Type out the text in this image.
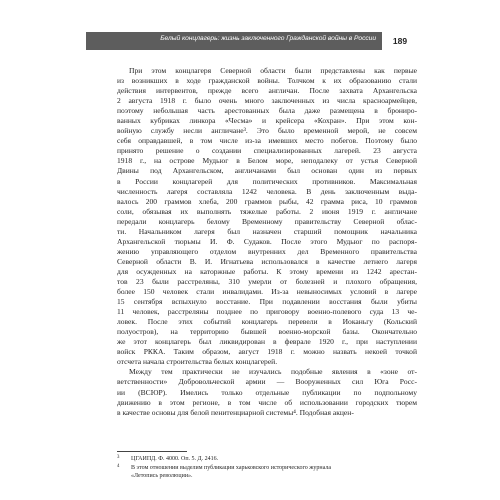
Белый концлагерь: жизнь заключенного Гражданской войны в России	189
При этом концлагеря Северной области были представлены как первые
из возникших в ходе гражданской войны. Толчком к их образованию стали
действия интервентов, прежде всего англичан. После захвата Архангельска
2 августа 1918 г. было очень много заключенных из числа красноармейцев,
поэтому небольшая часть арестованных была даже размещена в бронирo-
ванных кубриках линкора «Чесма» и крейсера «Кохран». При этом кон-
войную службу несли англичане³. Это было временной мерой, не совсем
себя оправдавшей, в том числе из-за имевших место побегов. Поэтому было
принято решение о создании специализированных лагерей. 23 августа
1918 г., на острове Мудьюг в Белом море, неподалеку от устья Северной
Двины под Архангельском, англичанами был основан один из первых
в России концлагерей для политических противников. Максимальная
численность лагеря составляла 1242 человека. В день заключенным выда-
валось 200 граммов хлеба, 200 граммов рыбы, 42 грамма риса, 10 граммов
соли, обязывая их выполнять тяжелые работы. 2 июня 1919 г. англичане
передали концлагерь белому Временному правительству Северной облас-
ти. Начальником лагеря был назначен старший помощник начальника
Архангельской тюрьмы И. Ф. Судаков. После этого Мудьюг по распоря-
жению управляющего отделом внутренних дел Временного правительства
Северной области В. И. Игнатьева использовался в качестве летнего лагеря
для осужденных на каторжные работы. К этому времени из 1242 арестан-
тов 23 были расстреляны, 310 умерли от болезней и плохого обращения,
более 150 человек стали инвалидами. Из-за невыносимых условий в лагере
15 сентября вспыхнуло восстание. При подавлении восстания были убиты
11 человек, расстреляны позднее по приговору военно-полевого суда 13 че-
ловек. После этих событий концлагерь перевели в Иоканьгу (Кольский
полуостров), на территорию бывшей военно-морской базы. Окончательно
же этот концлагерь был ликвидирован в феврале 1920 г., при наступлении
войск РККА. Таким образом, август 1918 г. можно назвать некоей точкой
отсчета начала строительства белых концлагерей.
Между тем практически не изучались подобные явления в «зоне от-
ветственности» Добровольческой армии — Вооруженных сил Юга Росс-
ии (ВСЮР). Имелись только отдельные публикации по подпольному
движению в этом регионе, в том числе об использовании городских тюрем
в качестве основы для белой пенитенциарной системы⁴. Подобная акцен-
3	ЦГАИПД. Ф. 4000. Оп. 5. Д. 2416.
4	В этом отношении выделим публикации харьковского исторического журнала
«Летопись революции».
